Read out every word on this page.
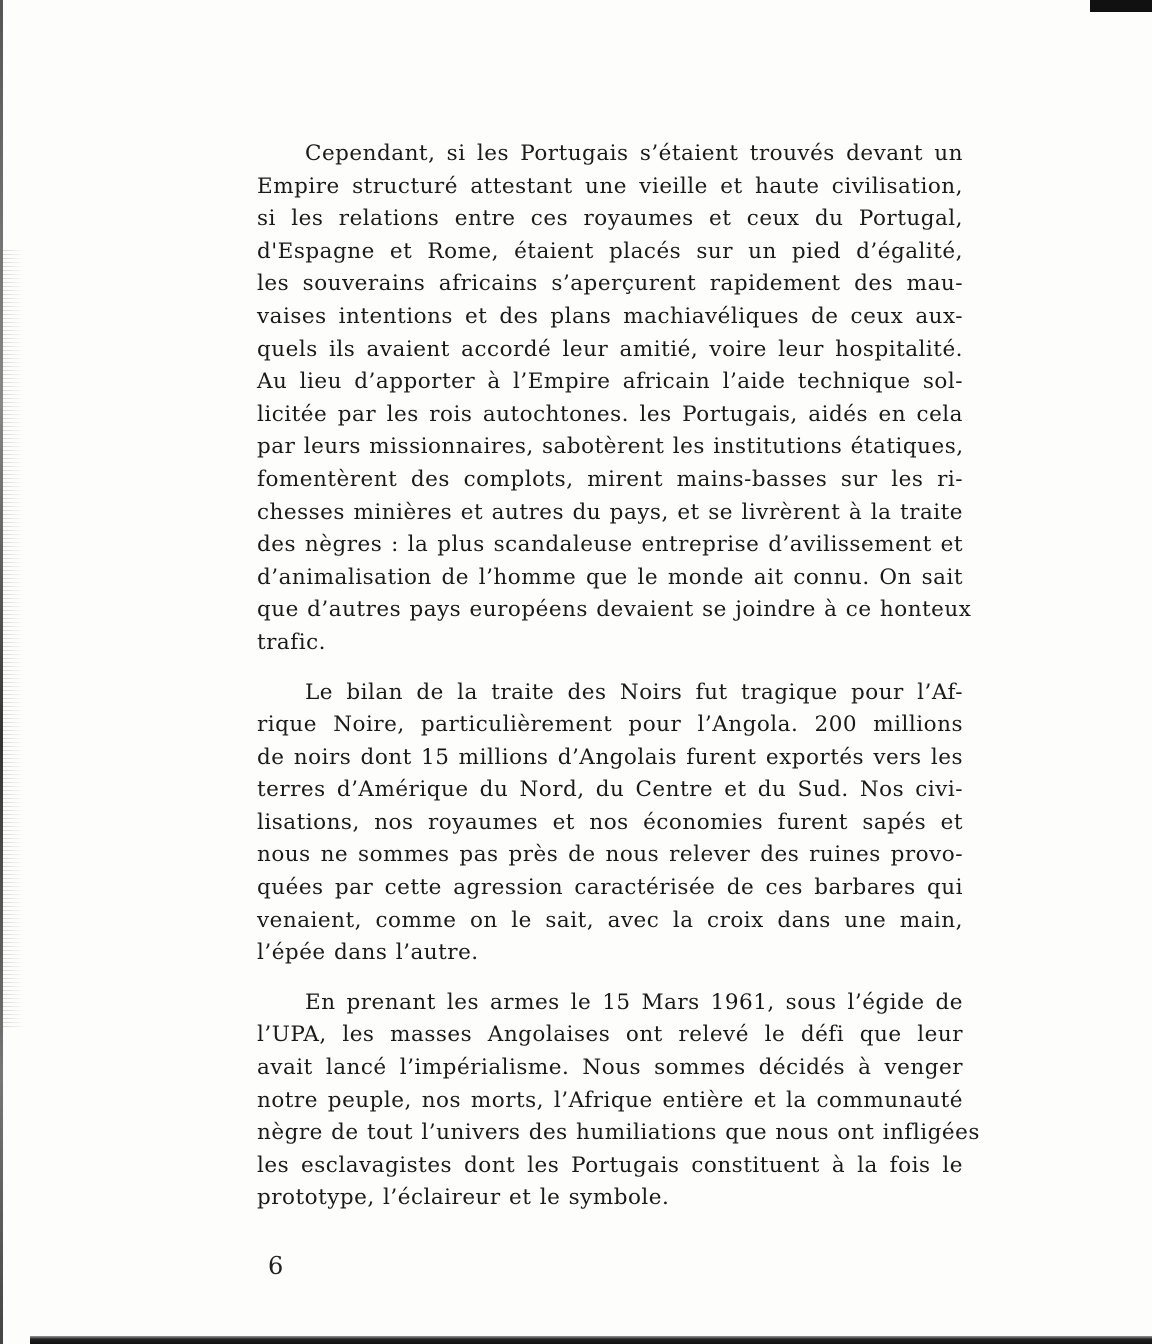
Cependant, si les Portugais s’étaient trouvés devant un
Empire structuré attestant une vieille et haute civilisation,
si les relations entre ces royaumes et ceux du Portugal,
d'Espagne et Rome, étaient placés sur un pied d’égalité,
les souverains africains s’aperçurent rapidement des mau-
vaises intentions et des plans machiavéliques de ceux aux-
quels ils avaient accordé leur amitié, voire leur hospitalité.
Au lieu d’apporter à l’Empire africain l’aide technique sol-
licitée par les rois autochtones. les Portugais, aidés en cela
par leurs missionnaires, sabotèrent les institutions étatiques,
fomentèrent des complots, mirent mains-basses sur les ri-
chesses minières et autres du pays, et se livrèrent à la traite
des nègres : la plus scandaleuse entreprise d’avilissement et
d’animalisation de l’homme que le monde ait connu. On sait
que d’autres pays européens devaient se joindre à ce honteux
trafic.

Le bilan de la traite des Noirs fut tragique pour l’Af-
rique Noire, particulièrement pour l’Angola. 200 millions
de noirs dont 15 millions d’Angolais furent exportés vers les
terres d’Amérique du Nord, du Centre et du Sud. Nos civi-
lisations, nos royaumes et nos économies furent sapés et
nous ne sommes pas près de nous relever des ruines provo-
quées par cette agression caractérisée de ces barbares qui
venaient, comme on le sait, avec la croix dans une main,
l’épée dans l’autre.

En prenant les armes le 15 Mars 1961, sous l’égide de
l’UPA, les masses Angolaises ont relevé le défi que leur
avait lancé l’impérialisme. Nous sommes décidés à venger
notre peuple, nos morts, l’Afrique entière et la communauté
nègre de tout l’univers des humiliations que nous ont infligées
les esclavagistes dont les Portugais constituent à la fois le
prototype, l’éclaireur et le symbole.

6
